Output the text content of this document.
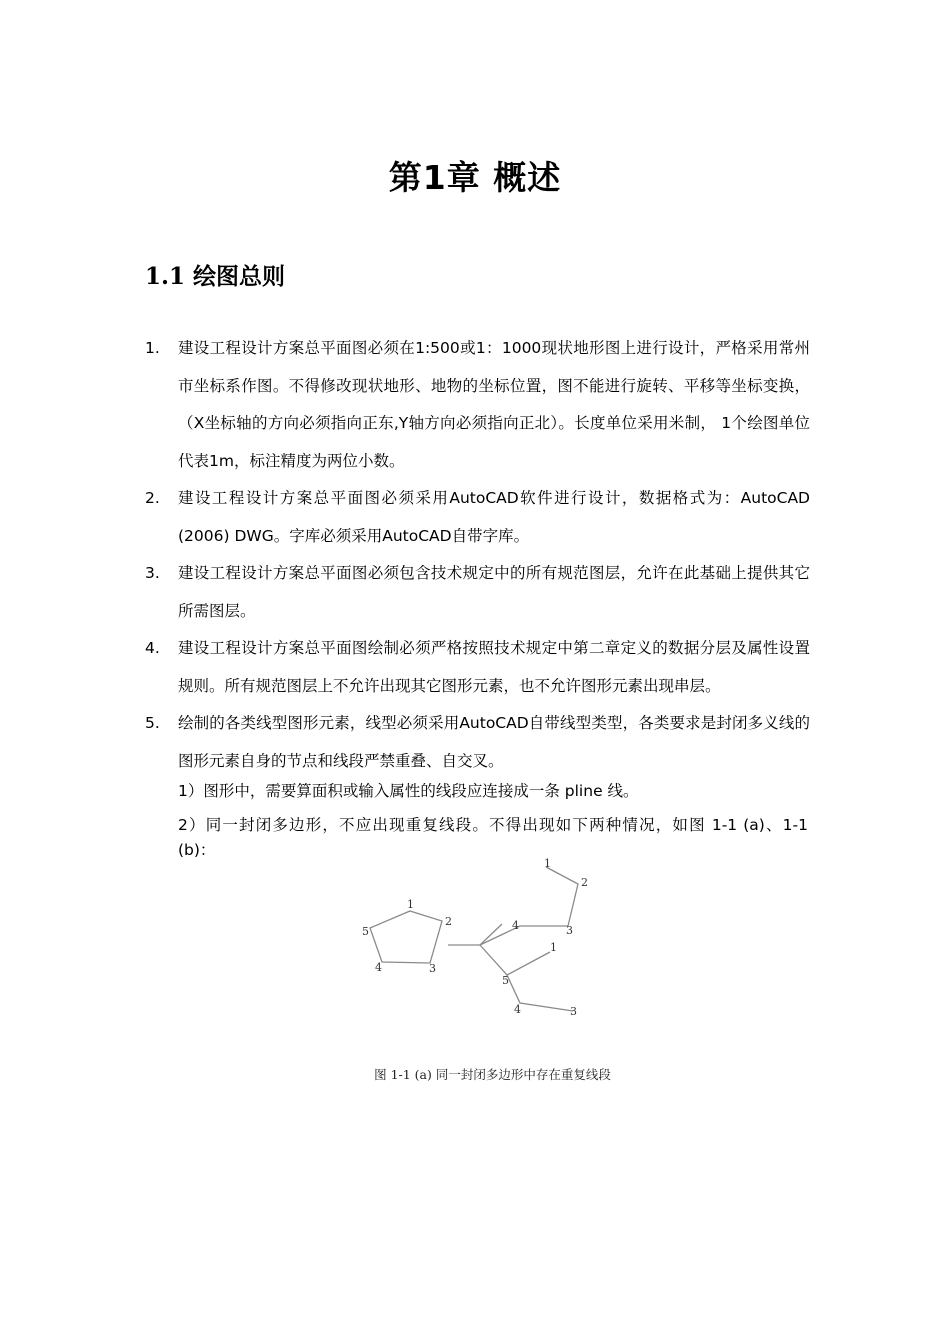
第1章 概述
1.1 绘图总则
1. 建设工程设计方案总平面图必须在1:500或1：1000现状地形图上进行设计，严格采用常州市坐标系作图。不得修改现状地形、地物的坐标位置，图不能进行旋转、平移等坐标变换，（X坐标轴的方向必须指向正东,Y轴方向必须指向正北）。长度单位采用米制， 1个绘图单位代表1m，标注精度为两位小数。
2. 建设工程设计方案总平面图必须采用AutoCAD软件进行设计，数据格式为：AutoCAD (2006) DWG。字库必须采用AutoCAD自带字库。
3. 建设工程设计方案总平面图必须包含技术规定中的所有规范图层，允许在此基础上提供其它所需图层。
4. 建设工程设计方案总平面图绘制必须严格按照技术规定中第二章定义的数据分层及属性设置规则。所有规范图层上不允许出现其它图形元素，也不允许图形元素出现串层。
5. 绘制的各类线型图形元素，线型必须采用AutoCAD自带线型类型，各类要求是封闭多义线的图形元素自身的节点和线段严禁重叠、自交叉。
1）图形中，需要算面积或输入属性的线段应连接成一条 pline 线。
2）同一封闭多边形，不应出现重复线段。不得出现如下两种情况，如图 1-1 (a)、1-1 (b)：
1
2
3
4
5
1
2
3
4
1
5
4	3
图 1-1 (a) 同一封闭多边形中存在重复线段
